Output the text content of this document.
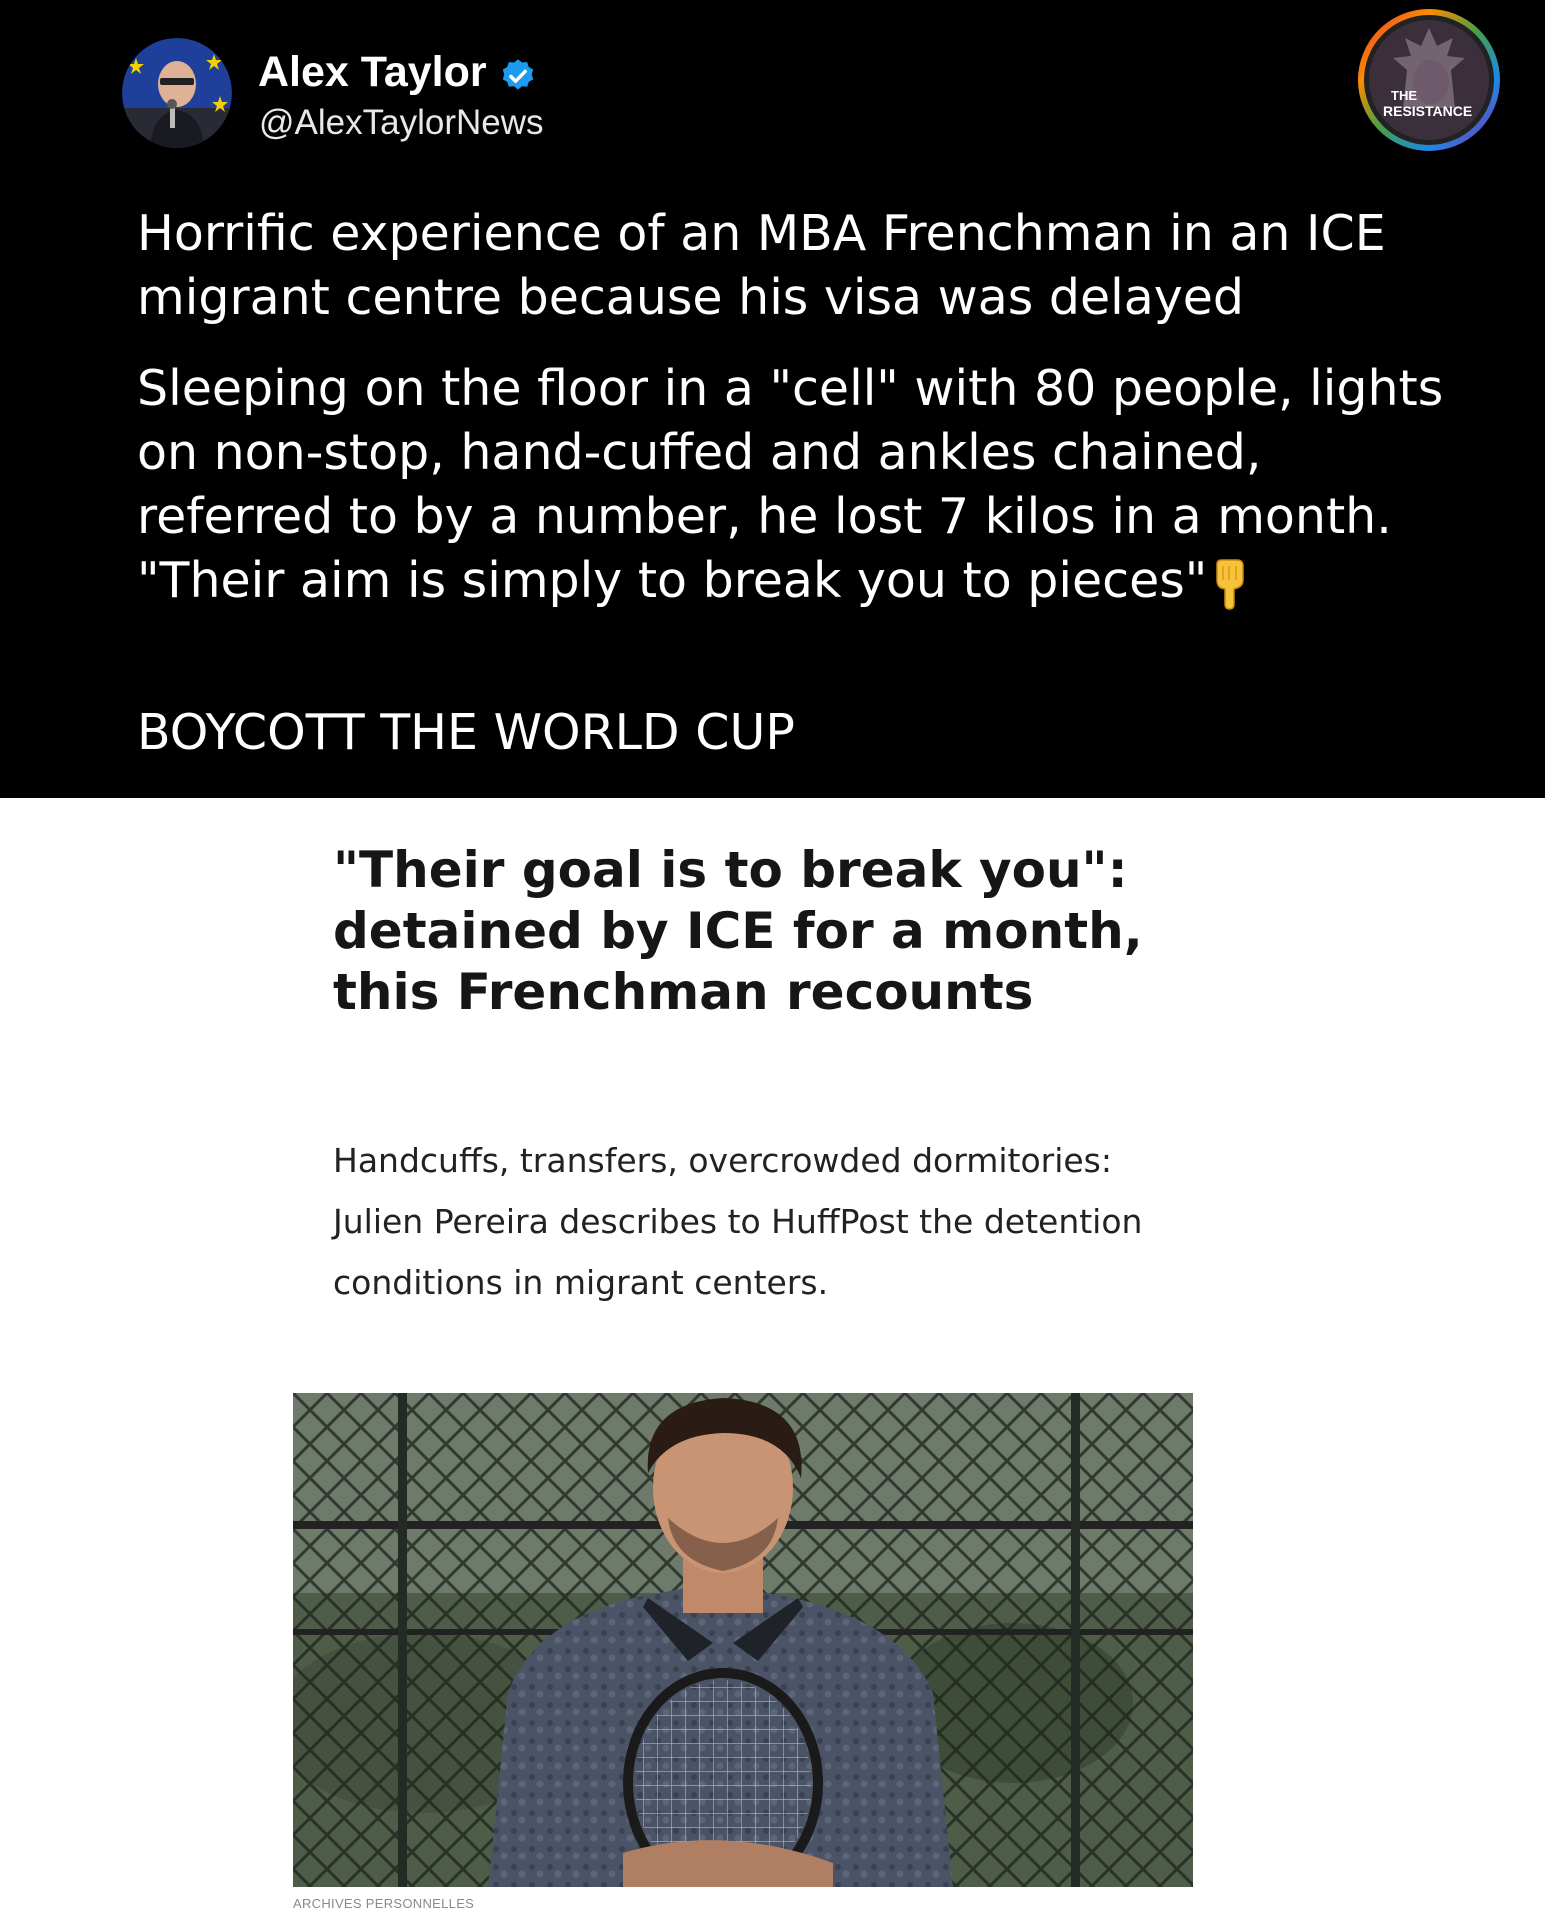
Alex Taylor
@AlexTaylorNews
THE
RESISTANCE

Horrific experience of an MBA Frenchman in an ICE migrant centre because his visa was delayed

Sleeping on the floor in a "cell" with 80 people, lights on non-stop, hand-cuffed and ankles chained, referred to by a number, he lost 7 kilos in a month. "Their aim is simply to break you to pieces"

BOYCOTT THE WORLD CUP

"Their goal is to break you": detained by ICE for a month, this Frenchman recounts

Handcuffs, transfers, overcrowded dormitories: Julien Pereira describes to HuffPost the detention conditions in migrant centers.

ARCHIVES PERSONNELLES
